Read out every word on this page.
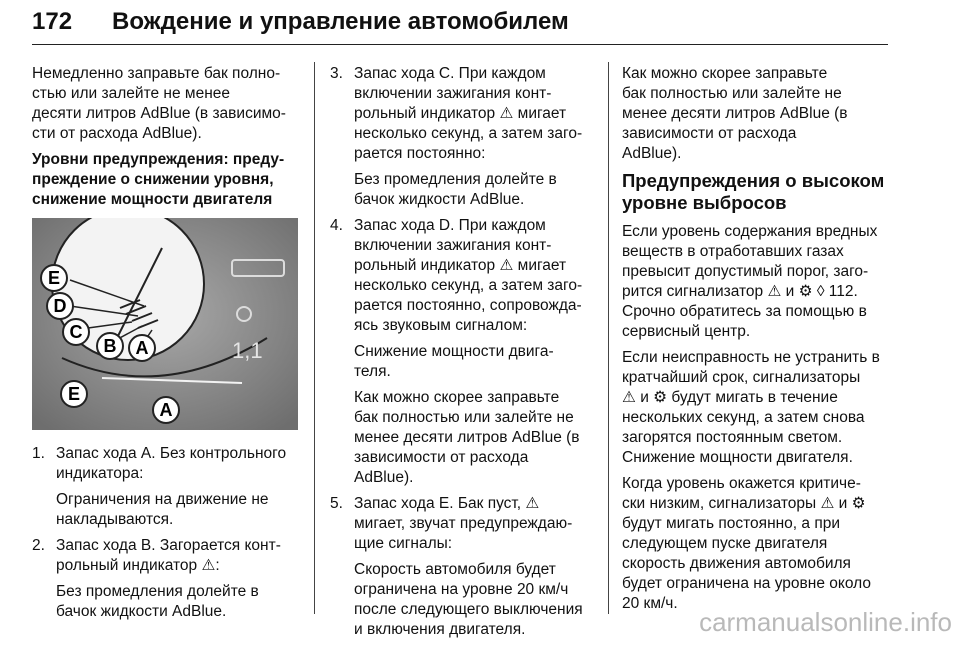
172 Вождение и управление автомобилем

Немедленно заправьте бак полно-
стью или залейте не менее
десяти литров AdBlue (в зависимо-
сти от расхода AdBlue).

Уровни предупреждения: преду-
преждение о снижении уровня,
снижение мощности двигателя
1,1
E
D
C
B A
E
A
1. Запас хода A. Без контрольного
индикатора:
Ограничения на движение не
накладываются.
2. Запас хода B. Загорается конт-
рольный индикатор ⚠:
Без промедления долейте в
бачок жидкости AdBlue.
3. Запас хода C. При каждом
включении зажигания конт-
рольный индикатор ⚠ мигает
несколько секунд, а затем заго-
рается постоянно:
Без промедления долейте в
бачок жидкости AdBlue.
4. Запас хода D. При каждом
включении зажигания конт-
рольный индикатор ⚠ мигает
несколько секунд, а затем заго-
рается постоянно, сопровожда-
ясь звуковым сигналом:
Снижение мощности двига-
теля.
Как можно скорее заправьте
бак полностью или залейте не
менее десяти литров AdBlue (в
зависимости от расхода
AdBlue).
5. Запас хода E. Бак пуст, ⚠
мигает, звучат предупреждаю-
щие сигналы:
Скорость автомобиля будет
ограничена на уровне 20 км/ч
после следующего выключения
и включения двигателя.

Как можно скорее заправьте
бак полностью или залейте не
менее десяти литров AdBlue (в
зависимости от расхода
AdBlue).

Предупреждения о высоком
уровне выбросов

Если уровень содержания вредных
веществ в отработавших газах
превысит допустимый порог, заго-
рится сигнализатор ⚠ и ⚙ ◊ 112.
Срочно обратитесь за помощью в
сервисный центр.

Если неисправность не устранить в
кратчайший срок, сигнализаторы
⚠ и ⚙ будут мигать в течение
нескольких секунд, а затем снова
загорятся постоянным светом.
Снижение мощности двигателя.

Когда уровень окажется критиче-
ски низким, сигнализаторы ⚠ и ⚙
будут мигать постоянно, а при
следующем пуске двигателя
скорость движения автомобиля
будет ограничена на уровне около
20 км/ч.

carmanualsonline.info
